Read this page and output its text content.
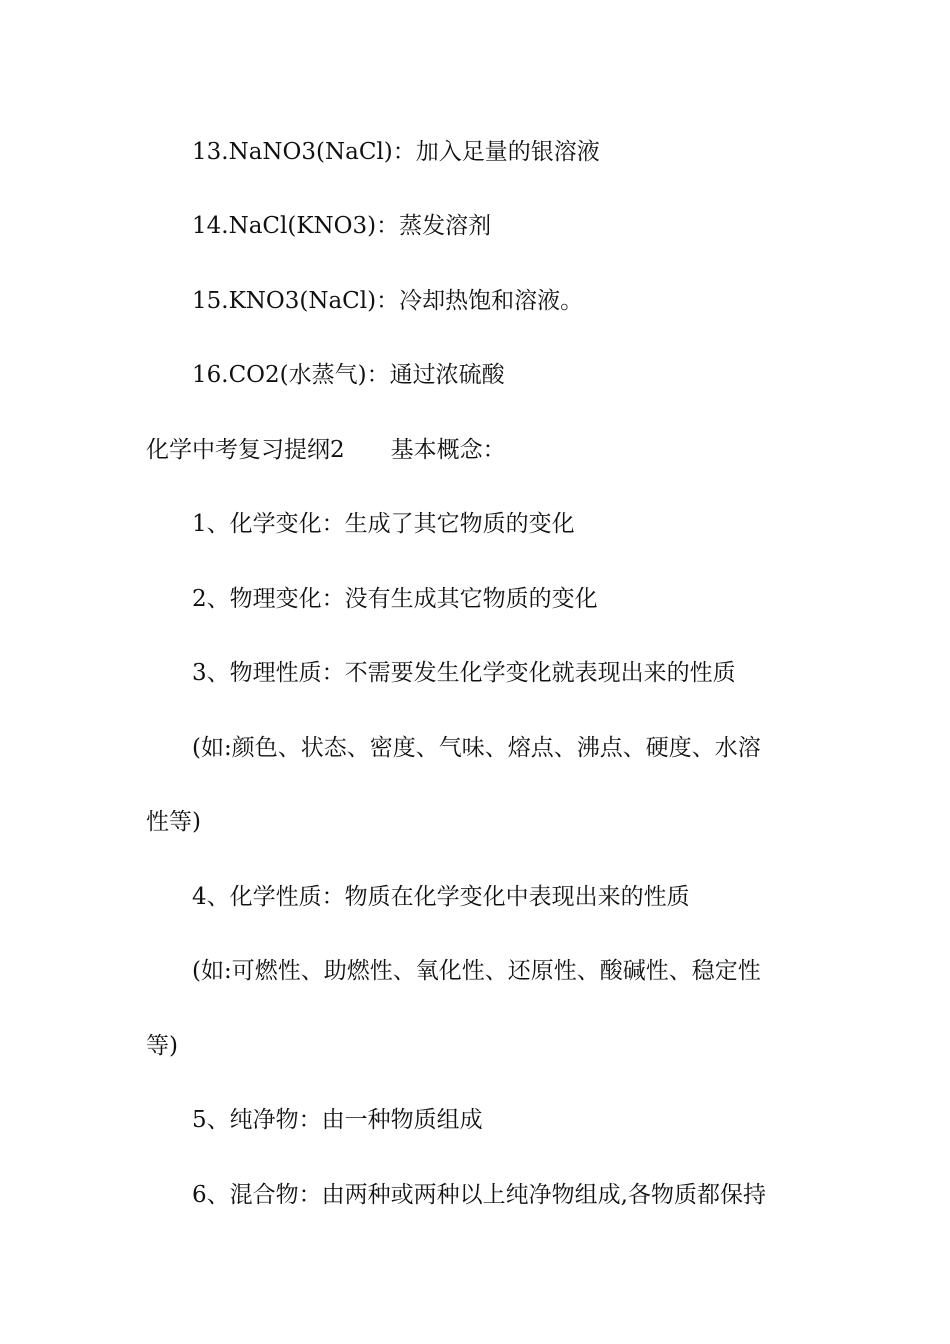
13.NaNO3(NaCl)：加入足量的银溶液
14.NaCl(KNO3)：蒸发溶剂
15.KNO3(NaCl)：冷却热饱和溶液。
16.CO2(水蒸气)：通过浓硫酸
化学中考复习提纲2　　基本概念：
1、化学变化：生成了其它物质的变化
2、物理变化：没有生成其它物质的变化
3、物理性质：不需要发生化学变化就表现出来的性质
(如:颜色、状态、密度、气味、熔点、沸点、硬度、水溶
性等)
4、化学性质：物质在化学变化中表现出来的性质
(如:可燃性、助燃性、氧化性、还原性、酸碱性、稳定性
等)
5、纯净物：由一种物质组成
6、混合物：由两种或两种以上纯净物组成,各物质都保持
